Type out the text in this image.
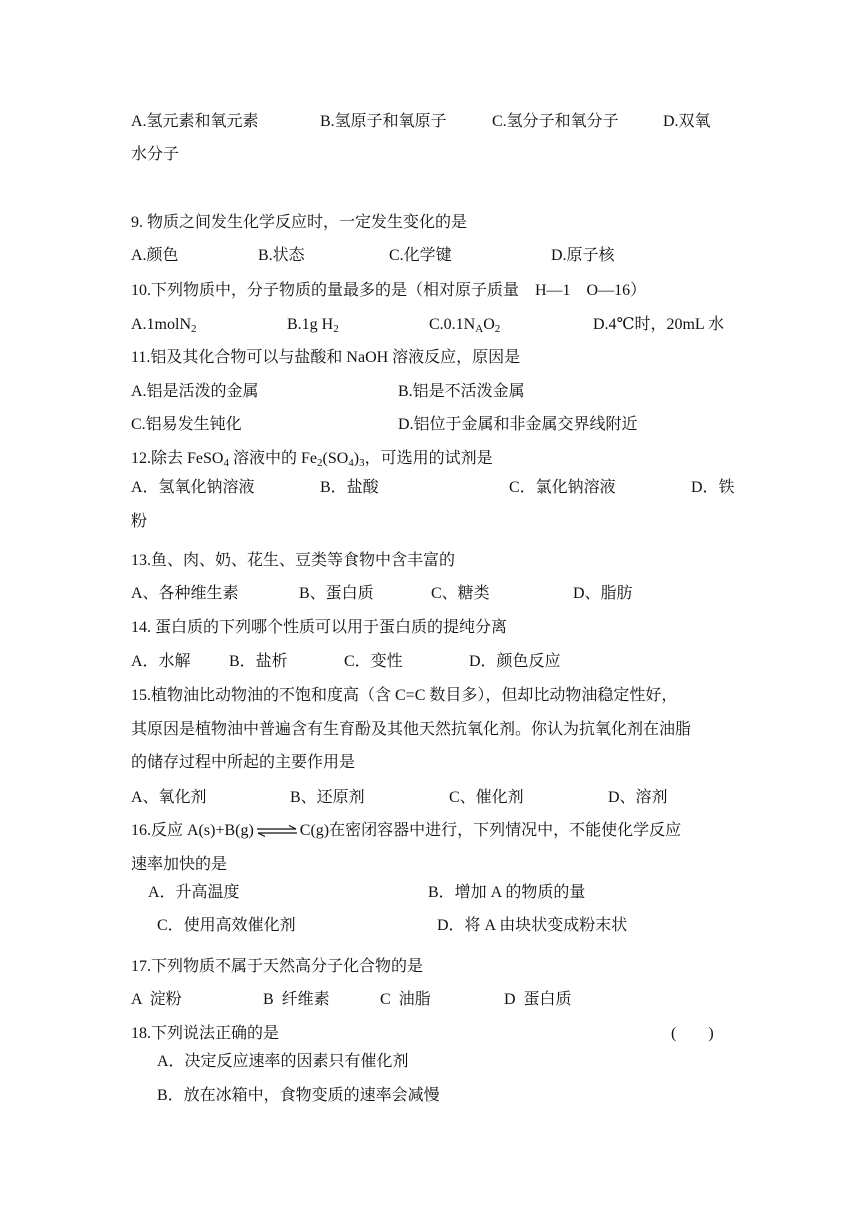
A.氢元素和氧元素	B.氢原子和氧原子	C.氢分子和氧分子	D.双氧
水分子
9. 物质之间发生化学反应时，一定发生变化的是
A.颜色	B.状态	C.化学键	D.原子核
10.下列物质中，分子物质的量最多的是（相对原子质量　H—1　O—16）
A.1molN$_2$	B.1g $H_2$	$C.0.1N_AO_2$	D.4℃时，20mL 水
11.铝及其化合物可以与盐酸和 NaOH 溶液反应，原因是
A.铝是活泼的金属	B.铝是不活泼金属
C.铝易发生钝化	D.铝位于金属和非金属交界线附近
12.除去 FeSO$_4$ 溶液中的 $Fe_2(SO_4)_3$，可选用的试剂是
A．氢氧化钠溶液	B．盐酸	C．氯化钠溶液	D．铁
粉
13.鱼、肉、奶、花生、豆类等食物中含丰富的
A、各种维生素	B、蛋白质	C、糖类	D、脂肪
14. 蛋白质的下列哪个性质可以用于蛋白质的提纯分离
A．水解 B．盐析	C．变性	D．颜色反应
15.植物油比动物油的不饱和度高（含 C=C 数目多），但却比动物油稳定性好，
其原因是植物油中普遍含有生育酚及其他天然抗氧化剂。你认为抗氧化剂在油脂
的储存过程中所起的主要作用是
A、氧化剂	B、还原剂	C、催化剂	D、溶剂
16.反应 A(s)+B(g) ⇌ C(g)在密闭容器中进行，下列情况中，不能使化学反应
速率加快的是
A．升高温度	B．增加 A 的物质的量
C．使用高效催化剂	D．将 A 由块状变成粉末状
17.下列物质不属于天然高分子化合物的是
A  淀粉	B  纤维素	C  油脂	D  蛋白质
18.下列说法正确的是	(　　)
A．决定反应速率的因素只有催化剂
B．放在冰箱中，食物变质的速率会减慢
